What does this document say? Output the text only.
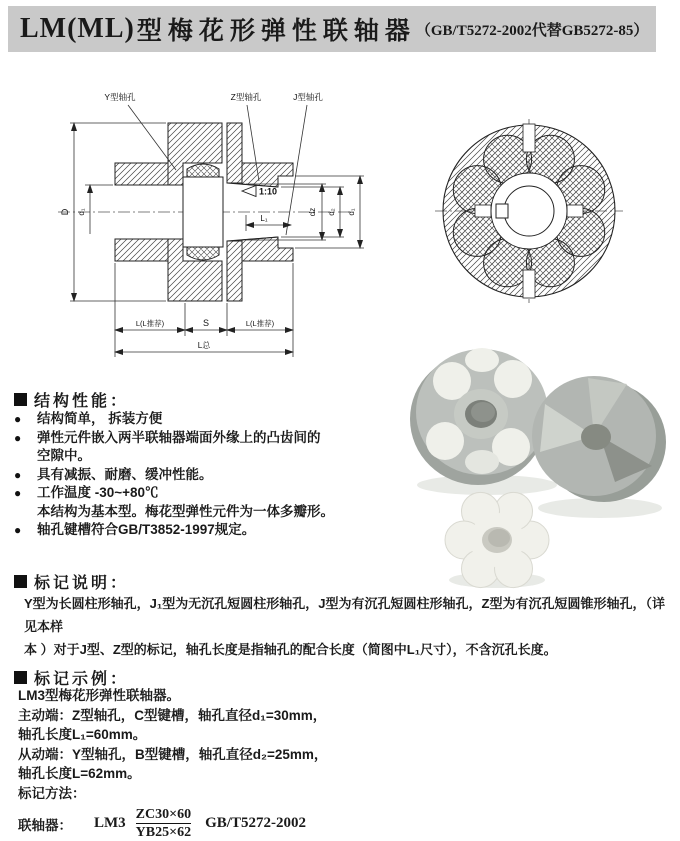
LM(ML) 型梅花形弹性联轴器 （GB/T5272-2002代替GB5272-85）
Y型轴孔	Z型轴孔	J型轴孔
1:10
D d₁
L₁
dz d₂ d₁
L(L推荐)	S	L(L推荐)
L总
结构性能：
●	结构简单， 拆装方便
●	弹性元件嵌入两半联轴器端面外缘上的凸齿间的
空隙中。
●	具有减振、耐磨、缓冲性能。
●	工作温度 -30~+80℃
本结构为基本型。梅花型弹性元件为一体多瓣形。
●	轴孔键槽符合GB/T3852-1997规定。
标记说明：
Y型为长圆柱形轴孔，J₁型为无沉孔短圆柱形轴孔，J型为有沉孔短圆柱形轴孔，Z型为有沉孔短圆锥形轴孔，（详见本样
本 ）对于J型、Z型的标记，轴孔长度是指轴孔的配合长度（简图中L₁尺寸），不含沉孔长度。
标记示例：
LM3型梅花形弹性联轴器。
主动端：Z型轴孔，C型键槽，轴孔直径d₁=30mm，
轴孔长度L₁=60mm。
从动端：Y型轴孔，B型键槽，轴孔直径d₂=25mm，
轴孔长度L=62mm。
标记方法：
联轴器： $LM3 \frac{ZC30\times 60}{YB25\times 62} GB/T5272-2002$
